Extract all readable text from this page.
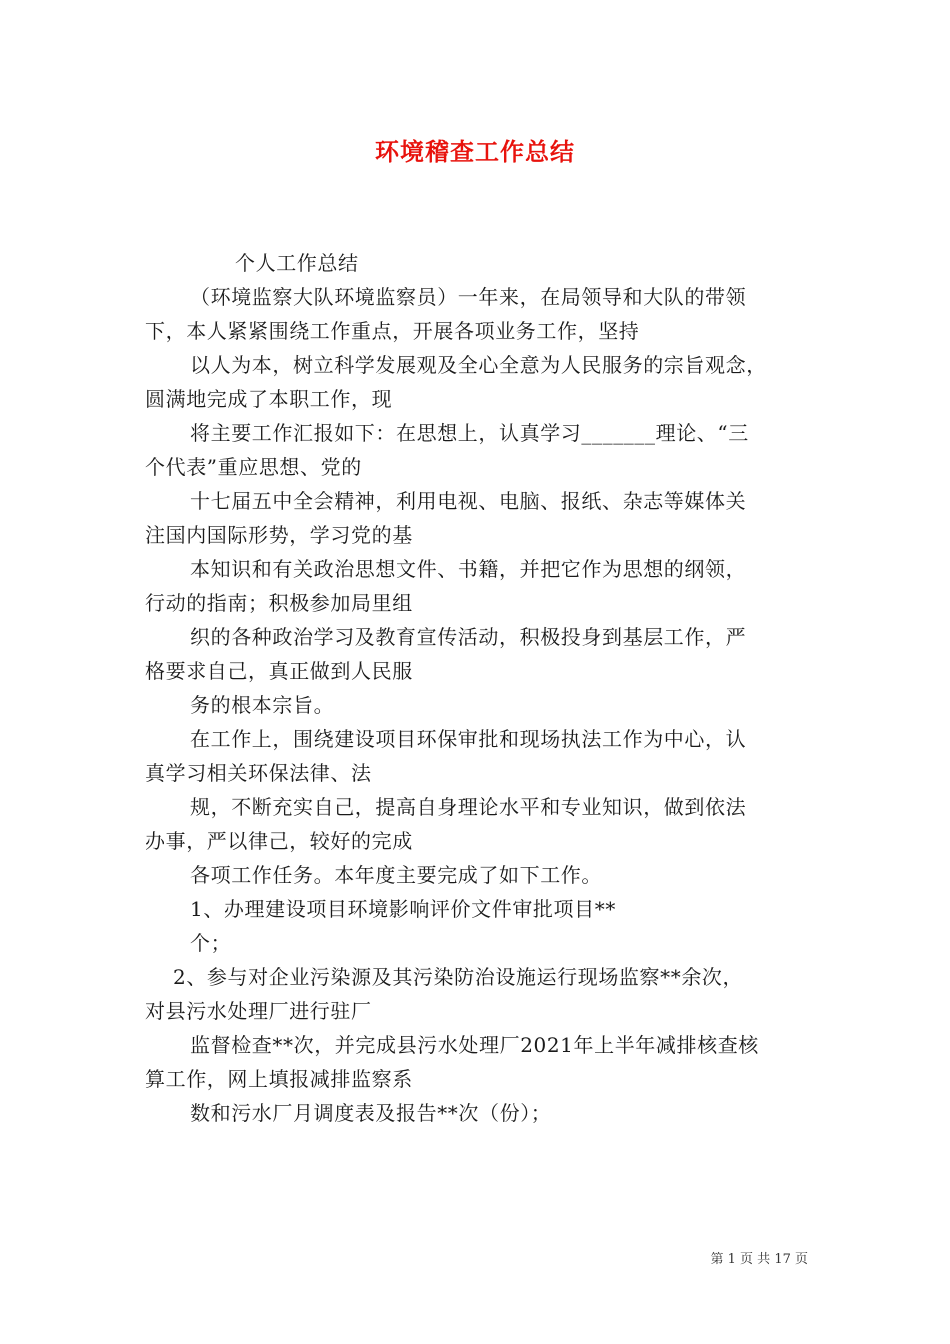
环境稽查工作总结
个人工作总结
（环境监察大队环境监察员）一年来，在局领导和大队的带领
下，本人紧紧围绕工作重点，开展各项业务工作，坚持
以人为本，树立科学发展观及全心全意为人民服务的宗旨观念，
圆满地完成了本职工作，现
将主要工作汇报如下：在思想上，认真学习_______理论、“三
个代表”重应思想、党的
十七届五中全会精神，利用电视、电脑、报纸、杂志等媒体关
注国内国际形势，学习党的基
本知识和有关政治思想文件、书籍，并把它作为思想的纲领，
行动的指南；积极参加局里组
织的各种政治学习及教育宣传活动，积极投身到基层工作，严
格要求自己，真正做到人民服
务的根本宗旨。
在工作上，围绕建设项目环保审批和现场执法工作为中心，认
真学习相关环保法律、法
规，不断充实自己，提高自身理论水平和专业知识，做到依法
办事，严以律己，较好的完成
各项工作任务。本年度主要完成了如下工作。
1、办理建设项目环境影响评价文件审批项目**
个；
2、参与对企业污染源及其污染防治设施运行现场监察**余次，
对县污水处理厂进行驻厂
监督检查**次，并完成县污水处理厂2021年上半年减排核查核
算工作，网上填报减排监察系
数和污水厂月调度表及报告**次（份）；
第 1 页 共 17 页
